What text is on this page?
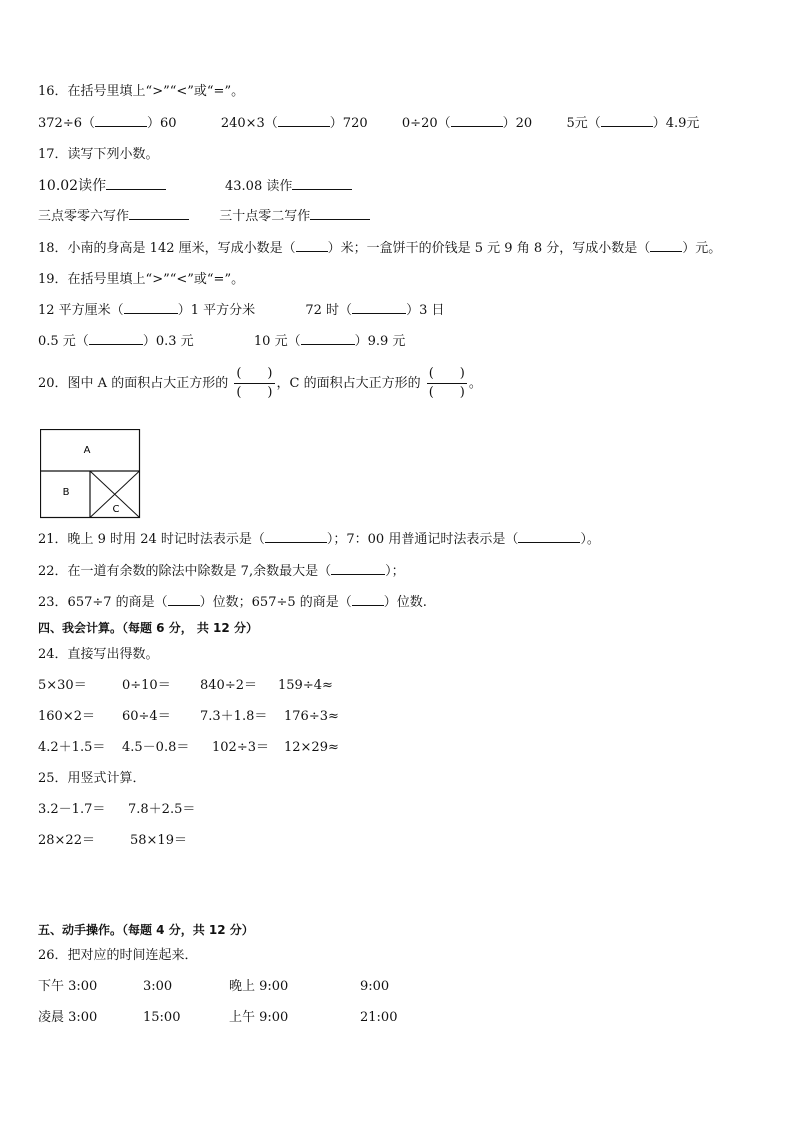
16．在括号里填上“>”“<”或“=”。
372÷6（	）60	240×3（	）720	0÷20（	）20	5元（	）4.9元
17．读写下列小数。
10.02读作	43.08 读作
三点零零六写作	三十点零二写作
18．小南的身高是 142 厘米，写成小数是（ ）米；一盒饼干的价钱是 5 元 9 角 8 分，写成小数是（ ）元。
19．在括号里填上“>”“<”或“=”。
12 平方厘米（	）1 平方分米	72 时（	）3 日
0.5 元（	）0.3 元	10 元（	）9.9 元
20．图中 A 的面积占大正方形的 $\frac{( )}{( )}$ ，C 的面积占大正方形的 $\frac{( )}{( )}$ 。
A
B
C
21．晚上 9 时用 24 时记时法表示是（	）；7：00 用普通记时法表示是（	）。
22．在一道有余数的除法中除数是 7,余数最大是（	）；
23．657÷7 的商是（ ）位数；657÷5 的商是（ ）位数.
四、我会计算。（每题 6 分， 共 12 分）
24．直接写出得数。
5×30＝	0÷10＝ 840÷2＝ 159÷4≈
160×2＝ 60÷4＝ 7.3＋1.8＝ 176÷3≈
4.2＋1.5＝ 4.5－0.8＝ 102÷3＝ 12×29≈
25．用竖式计算．
3.2－1.7＝ 7.8＋2.5＝
28×22＝	58×19＝
五、动手操作。（每题 4 分，共 12 分）
26．把对应的时间连起来．
下午 3:00	3:00	晚上 9:00	9:00
凌晨 3:00	15:00	上午 9:00	21:00
